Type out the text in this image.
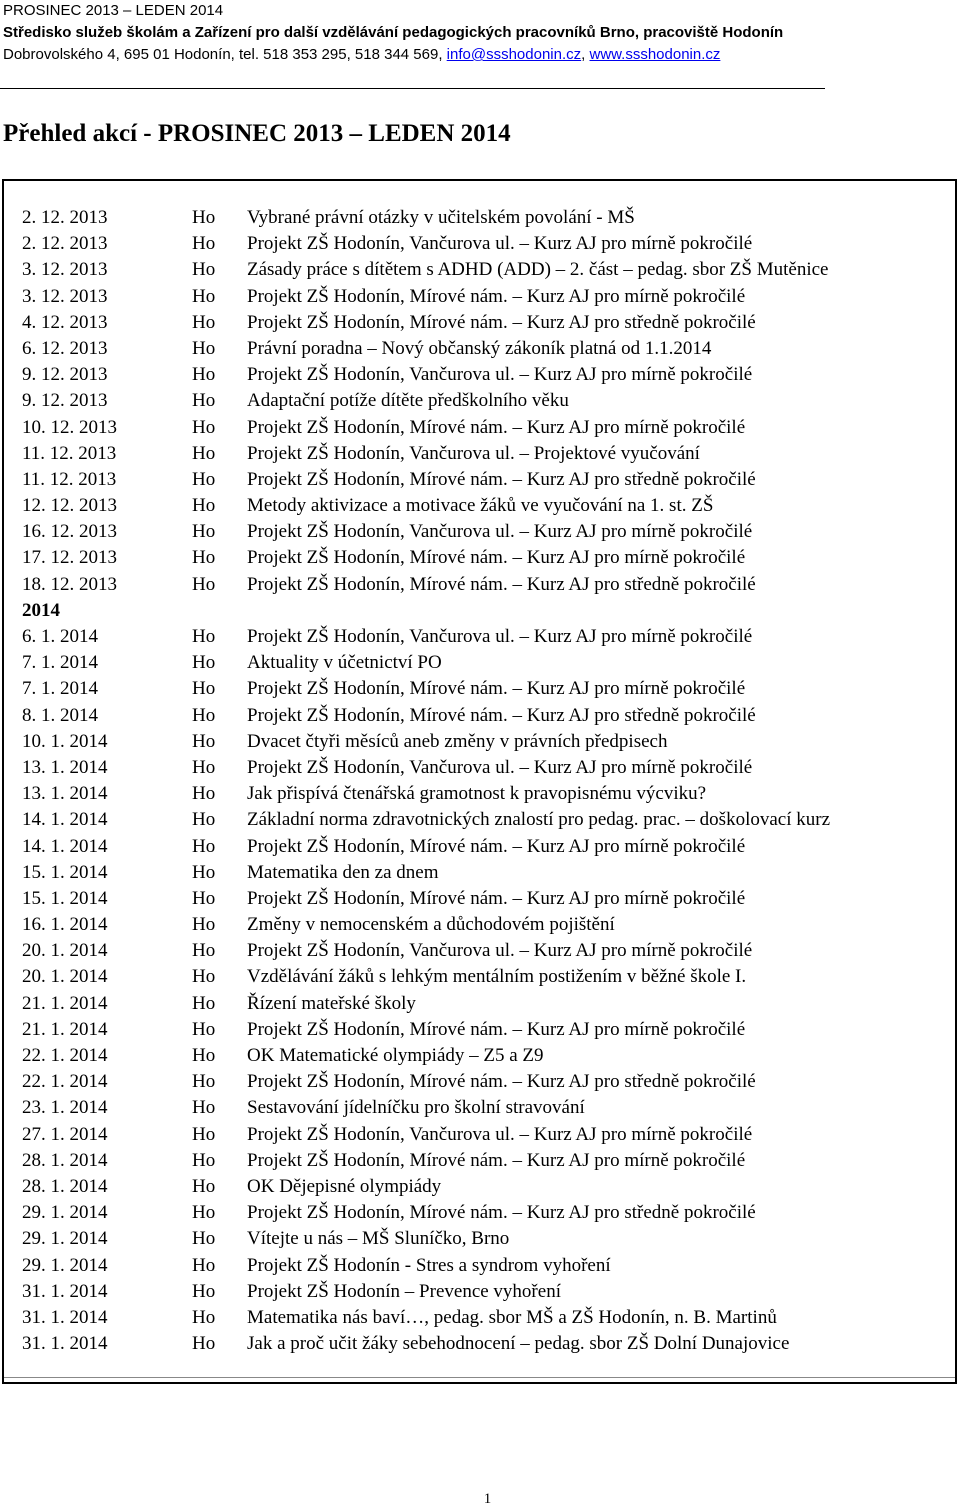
PROSINEC 2013 – LEDEN 2014
Středisko služeb školám a Zařízení pro další vzdělávání pedagogických pracovníků Brno, pracoviště Hodonín
Dobrovolského 4, 695 01 Hodonín, tel. 518 353 295, 518 344 569, info@ssshodonin.cz, www.ssshodonin.cz
Přehled akcí - PROSINEC 2013 – LEDEN 2014
2. 12. 2013	Ho Vybrané právní otázky v učitelském povolání - MŠ
2. 12. 2013	Ho Projekt ZŠ Hodonín, Vančurova ul. – Kurz AJ pro mírně pokročilé
3. 12. 2013	Ho Zásady práce s dítětem s ADHD (ADD) – 2. část – pedag. sbor ZŠ Mutěnice
3. 12. 2013	Ho Projekt ZŠ Hodonín, Mírové nám. – Kurz AJ pro mírně pokročilé
4. 12. 2013	Ho Projekt ZŠ Hodonín, Mírové nám. – Kurz AJ pro středně pokročilé
6. 12. 2013	Ho Právní poradna – Nový občanský zákoník platná od 1.1.2014
9. 12. 2013	Ho Projekt ZŠ Hodonín, Vančurova ul. – Kurz AJ pro mírně pokročilé
9. 12. 2013	Ho Adaptační potíže dítěte předškolního věku
10. 12. 2013	Ho Projekt ZŠ Hodonín, Mírové nám. – Kurz AJ pro mírně pokročilé
11. 12. 2013	Ho Projekt ZŠ Hodonín, Vančurova ul. – Projektové vyučování
11. 12. 2013	Ho Projekt ZŠ Hodonín, Mírové nám. – Kurz AJ pro středně pokročilé
12. 12. 2013	Ho Metody aktivizace a motivace žáků ve vyučování na 1. st. ZŠ
16. 12. 2013	Ho Projekt ZŠ Hodonín, Vančurova ul. – Kurz AJ pro mírně pokročilé
17. 12. 2013	Ho Projekt ZŠ Hodonín, Mírové nám. – Kurz AJ pro mírně pokročilé
18. 12. 2013	Ho Projekt ZŠ Hodonín, Mírové nám. – Kurz AJ pro středně pokročilé
2014
6. 1. 2014	Ho Projekt ZŠ Hodonín, Vančurova ul. – Kurz AJ pro mírně pokročilé
7. 1. 2014	Ho Aktuality v účetnictví PO
7. 1. 2014	Ho Projekt ZŠ Hodonín, Mírové nám. – Kurz AJ pro mírně pokročilé
8. 1. 2014	Ho Projekt ZŠ Hodonín, Mírové nám. – Kurz AJ pro středně pokročilé
10. 1. 2014	Ho Dvacet čtyři měsíců aneb změny v právních předpisech
13. 1. 2014	Ho Projekt ZŠ Hodonín, Vančurova ul. – Kurz AJ pro mírně pokročilé
13. 1. 2014	Ho Jak přispívá čtenářská gramotnost k pravopisnému výcviku?
14. 1. 2014	Ho Základní norma zdravotnických znalostí pro pedag. prac. – doškolovací kurz
14. 1. 2014	Ho Projekt ZŠ Hodonín, Mírové nám. – Kurz AJ pro mírně pokročilé
15. 1. 2014	Ho Matematika den za dnem
15. 1. 2014	Ho Projekt ZŠ Hodonín, Mírové nám. – Kurz AJ pro mírně pokročilé
16. 1. 2014	Ho Změny v nemocenském a důchodovém pojištění
20. 1. 2014	Ho Projekt ZŠ Hodonín, Vančurova ul. – Kurz AJ pro mírně pokročilé
20. 1. 2014	Ho Vzdělávání žáků s lehkým mentálním postižením v běžné škole I.
21. 1. 2014	Ho Řízení mateřské školy
21. 1. 2014	Ho Projekt ZŠ Hodonín, Mírové nám. – Kurz AJ pro mírně pokročilé
22. 1. 2014	Ho OK Matematické olympiády – Z5 a Z9
22. 1. 2014	Ho Projekt ZŠ Hodonín, Mírové nám. – Kurz AJ pro středně pokročilé
23. 1. 2014	Ho Sestavování jídelníčku pro školní stravování
27. 1. 2014	Ho Projekt ZŠ Hodonín, Vančurova ul. – Kurz AJ pro mírně pokročilé
28. 1. 2014	Ho Projekt ZŠ Hodonín, Mírové nám. – Kurz AJ pro mírně pokročilé
28. 1. 2014	Ho OK Dějepisné olympiády
29. 1. 2014	Ho Projekt ZŠ Hodonín, Mírové nám. – Kurz AJ pro středně pokročilé
29. 1. 2014	Ho Vítejte u nás – MŠ Sluníčko, Brno
29. 1. 2014	Ho Projekt ZŠ Hodonín - Stres a syndrom vyhoření
31. 1. 2014	Ho Projekt ZŠ Hodonín – Prevence vyhoření
31. 1. 2014	Ho Matematika nás baví…, pedag. sbor MŠ a ZŠ Hodonín, n. B. Martinů
31. 1. 2014	Ho Jak a proč učit žáky sebehodnocení – pedag. sbor ZŠ Dolní Dunajovice
1
